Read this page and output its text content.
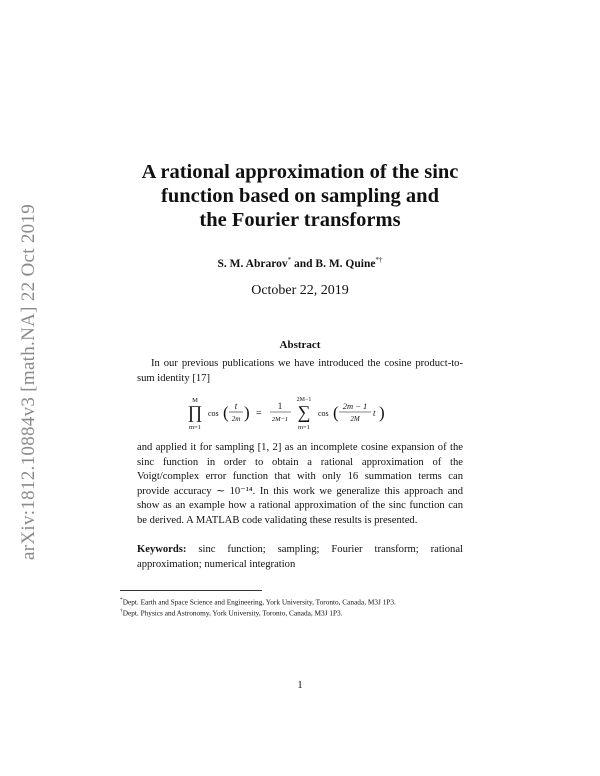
arXiv:1812.10884v3 [math.NA] 22 Oct 2019
A rational approximation of the sinc
function based on sampling and
the Fourier transforms
S. M. Abrarov* and B. M. Quine*†
October 22, 2019
Abstract
In our previous publications we have introduced the cosine product-to-sum identity [17]
M
∏
m=1
cos ( t
2m ) =
1
2M−1
2M−1
∑
m=1
cos ( 2m − 1
2M
t )
and applied it for sampling [1, 2] as an incomplete cosine expansion of the sinc function in order to obtain a rational approximation of the Voigt/complex error function that with only 16 summation terms can provide accuracy ∼ 10⁻¹⁴. In this work we generalize this approach and show as an example how a rational approximation of the sinc function can be derived. A MATLAB code validating these results is presented.
Keywords: sinc function; sampling; Fourier transform; rational approximation; numerical integration
*Dept. Earth and Space Science and Engineering, York University, Toronto, Canada, M3J 1P3.
†Dept. Physics and Astronomy, York University, Toronto, Canada, M3J 1P3.
1
